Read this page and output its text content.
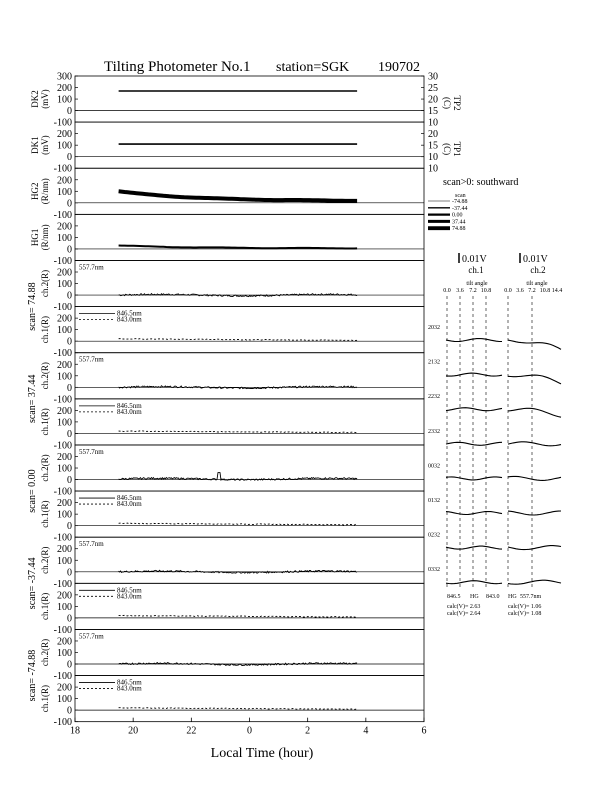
Tilting Photometer No.1 station=SGK 190702
300
200
100
0
-100
DK2 (mV)
30
25
20
15
10
TP2
(C)
200
100
0
-100
DK1 (mV)
20
15
10
TP1
(C)
10
200
100
0
-100
HG2 (R/nm)
200
100
0
-100
HG1 (R/nm)
200
100
0
-100
ch.2(R)
557.7nm
200
100
0
-100
ch.1(R)
846.5nm
843.0nm
200
100
0
-100
ch.2(R)
557.7nm
200
100
0
-100
ch.1(R)
846.5nm
843.0nm
200
100
0
-100
ch.2(R)
557.7nm
200
100
0
-100
ch.1(R)
846.5nm
843.0nm
200
100
0
-100
ch.2(R)
557.7nm
200
100
0
-100
ch.1(R)
846.5nm
843.0nm
200
100
0
-100
ch.2(R)
557.7nm
200
100
0
-100
ch.1(R)
846.5nm
843.0nm
scan= 74.88
scan= 37.44
scan= 0.00
scan= -37.44
scan= -74.88
18	20	22	0	2	4	6
Local Time (hour)
scan>0: southward
scan
-74.88
-37.44
0.00
37.44
74.88
0.01V	0.01V
ch.1	ch.2
tilt angle	tilt angle
0.0 3.6 7.2 10.8 0.0 3.6 7.2 10.8 14.4
2032
2132
2232
2332
0032
0132
0232
0332
846.5 HG 843.0 HG 557.7nm
calc(V)= 2.63
calc(V)= 2.64
calc(V)= 1.06
calc(V)= 1.08
